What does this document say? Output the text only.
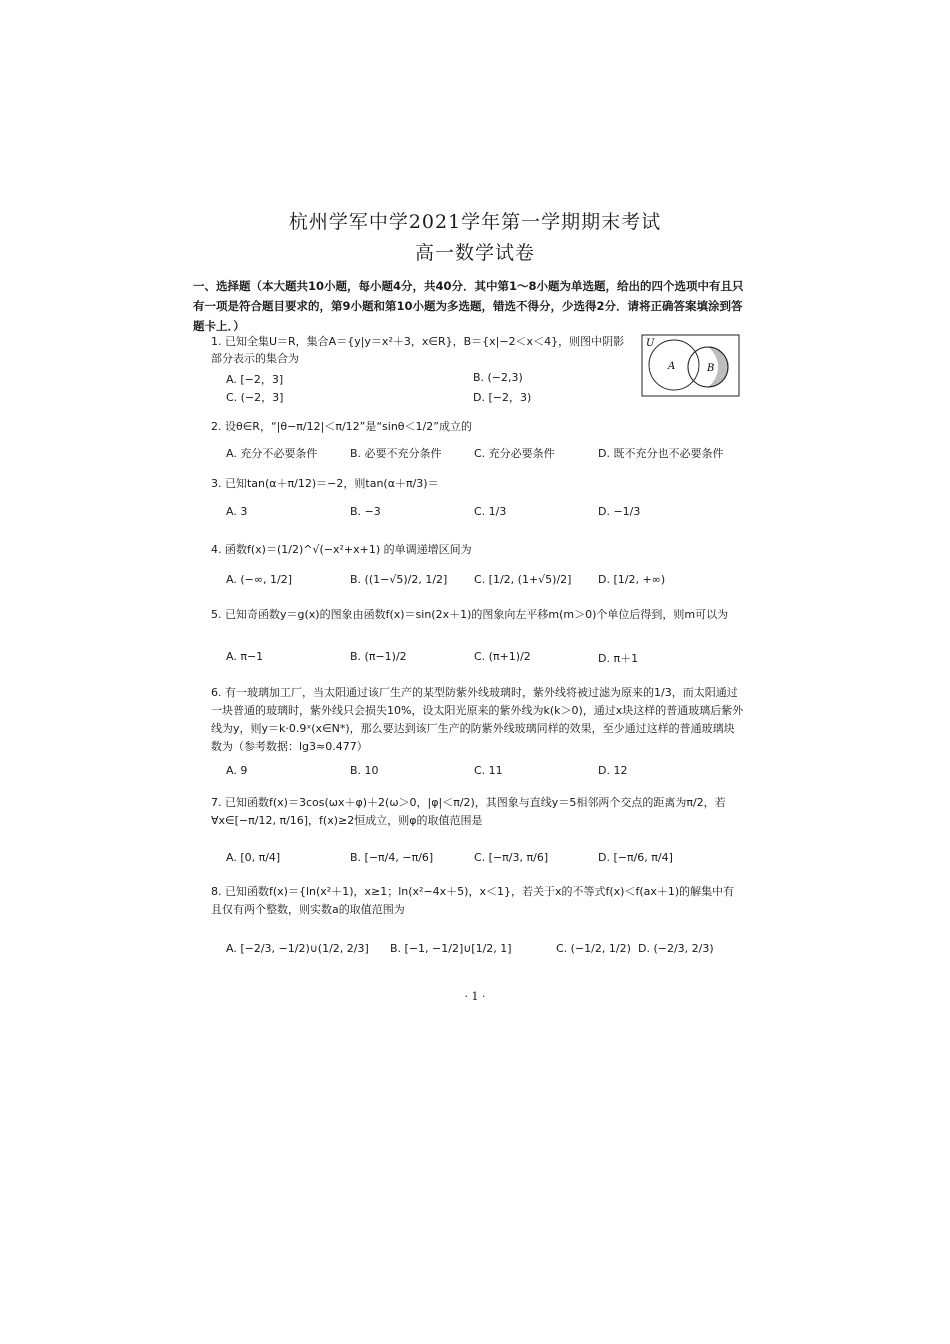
杭州学军中学2021学年第一学期期末考试
高一数学试卷
一、选择题（本大题共10小题，每小题4分，共40分．其中第1～8小题为单选题，给出的四个选项中有且只有一项是符合题目要求的，第9小题和第10小题为多选题，错选不得分，少选得2分．请将正确答案填涂到答题卡上．）
1. 已知全集U＝R，集合A＝{y|y＝x²＋3，x∈R}，B＝{x|−2＜x＜4}，则图中阴影部分表示的集合为
A. [−2，3]	B. (−2,3)
C. (−2，3]	D. [−2，3)
U
A	B
2. 设θ∈R，“|θ−π/12|＜π/12”是“sinθ＜1/2”成立的
A. 充分不必要条件	B. 必要不充分条件	C. 充分必要条件	D. 既不充分也不必要条件
3. 已知tan(α＋π/12)＝−2，则tan(α＋π/3)＝
A. 3	B. −3	C. 1/3	D. −1/3
4. 函数f(x)＝(1/2)^√(−x²+x+1) 的单调递增区间为
A. (−∞, 1/2]	B. ((1−√5)/2, 1/2] C. [1/2, (1+√5)/2] D. [1/2, +∞)
5. 已知奇函数y＝g(x)的图象由函数f(x)＝sin(2x＋1)的图象向左平移m(m＞0)个单位后得到，则m可以为
A. π−1	B. (π−1)/2	C. (π+1)/2	D. π＋1
6. 有一玻璃加工厂，当太阳通过该厂生产的某型防紫外线玻璃时，紫外线将被过滤为原来的1/3，而太阳通过一块普通的玻璃时，紫外线只会损失10%，设太阳光原来的紫外线为k(k＞0)，通过x块这样的普通玻璃后紫外线为y，则y＝k·0.9ˣ(x∈N*)，那么要达到该厂生产的防紫外线玻璃同样的效果，至少通过这样的普通玻璃块数为（参考数据：lg3≈0.477）
A. 9	B. 10	C. 11	D. 12
7. 已知函数f(x)＝3cos(ωx＋φ)＋2(ω＞0，|φ|＜π/2)，其图象与直线y＝5相邻两个交点的距离为π/2，若∀x∈[−π/12, π/16]，f(x)≥2恒成立，则φ的取值范围是
A. [0, π/4]	B. [−π/4, −π/6]	C. [−π/3, π/6]	D. [−π/6, π/4]
8. 已知函数f(x)＝{ln(x²＋1)，x≥1；ln(x²−4x＋5)，x＜1}，若关于x的不等式f(x)＜f(ax＋1)的解集中有且仅有两个整数，则实数a的取值范围为
A. [−2/3, −1/2)∪(1/2, 2/3] B. [−1, −1/2]∪[1/2, 1]	C. (−1/2, 1/2) D. (−2/3, 2/3)
· 1 ·
